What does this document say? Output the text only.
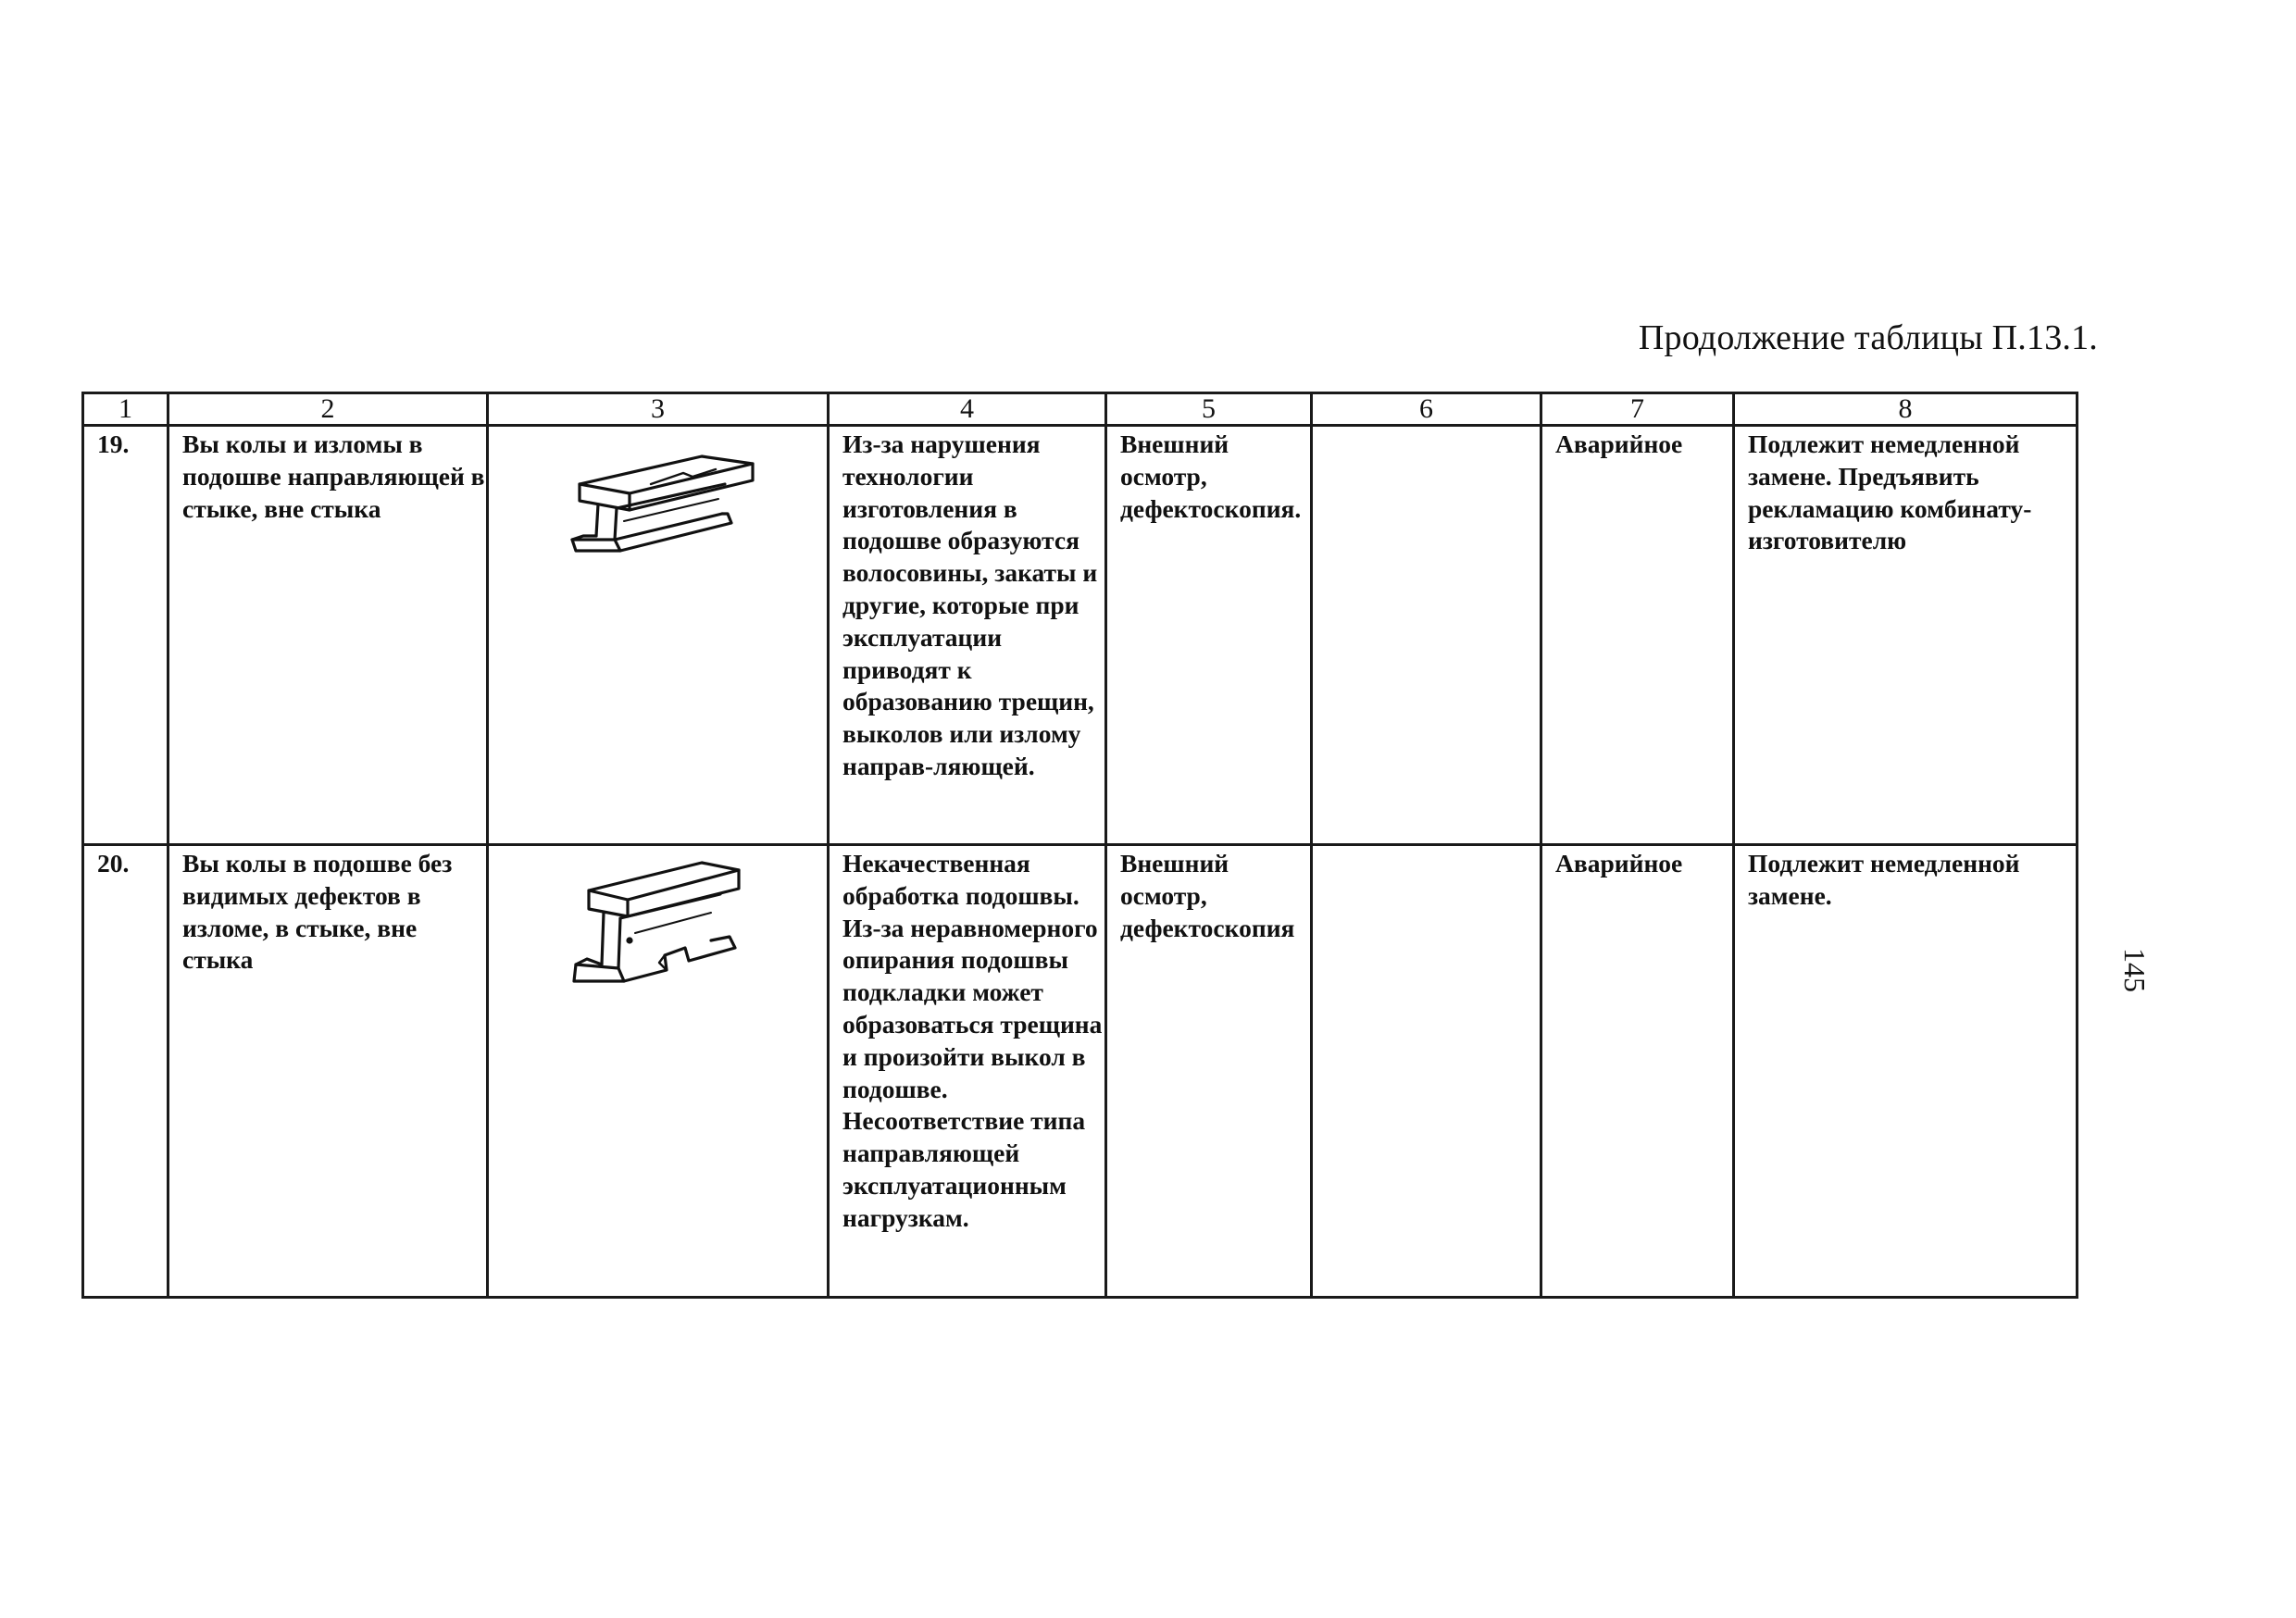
Продолжение таблицы П.13.1.
1	2	3	4	5	6	7	8
19.	Вы колы и изломы в подошве направляющей в стыке, вне стыка		Из-за нарушения технологии изготовления в подошве образуются волосовины, закаты и другие, которые при эксплуатации приводят к образованию трещин, выколов или излому направ-ляющей.	Внешний осмотр, дефектоскопия.		Аварийное	Подлежит немедленной замене. Предъявить рекламацию комбинату-изготовителю
20.	Вы колы в подошве без видимых дефектов в изломе, в стыке, вне стыка		Некачественная обработка подошвы. Из-за неравномерного опирания подошвы подкладки может образоваться трещина и произойти выкол в подошве. Несоответствие типа направляющей эксплуатационным нагрузкам.	Внешний осмотр, дефектоскопия		Аварийное	Подлежит немедленной замене.
145
